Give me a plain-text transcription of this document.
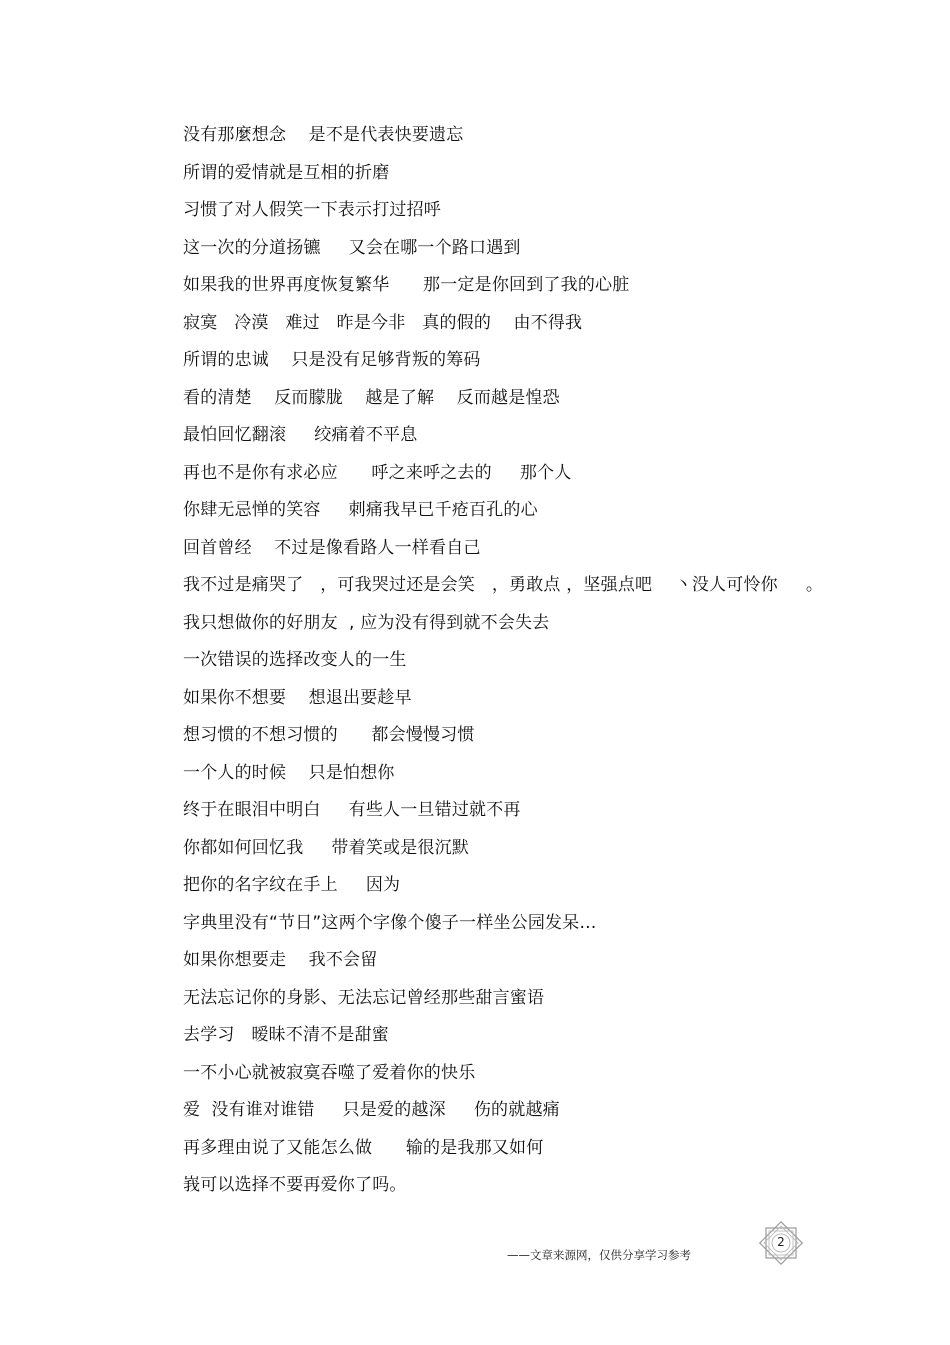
没有那麼想念    是不是代表快要遗忘
所谓的爱情就是互相的折磨
习惯了对人假笑一下表示打过招呼
这一次的分道扬镳     又会在哪一个路口遇到
如果我的世界再度恢复繁华      那一定是你回到了我的心脏
寂寞   冷漠   难过   昨是今非   真的假的    由不得我
所谓的忠诚    只是没有足够背叛的筹码
看的清楚    反而朦胧    越是了解    反而越是惶恐
最怕回忆翻滚     绞痛着不平息
再也不是你有求必应      呼之来呼之去的     那个人
你肆无忌惮的笑容     刺痛我早已千疮百孔的心
回首曾经    不过是像看路人一样看自己
我不过是痛哭了   ，可我哭过还是会笑   ，勇敢点 ，坚强点吧    丶没人可怜你     。
我只想做你的好朋友  , 应为没有得到就不会失去
一次错误的选择改变人的一生
如果你不想要    想退出要趁早
想习惯的不想习惯的      都会慢慢习惯
一个人的时候    只是怕想你
终于在眼泪中明白     有些人一旦错过就不再
你都如何回忆我     带着笑或是很沉默
把你的名字纹在手上     因为
字典里没有“节日”这两个字像个傻子一样坐公园发呆…
如果你想要走    我不会留
无法忘记你的身影、无法忘记曾经那些甜言蜜语
去学习   暧昧不清不是甜蜜
一不小心就被寂寞吞噬了爱着你的快乐
爱  没有谁对谁错     只是爱的越深     伤的就越痛
再多理由说了又能怎么做      输的是我那又如何
峩可以选择不要再爱你了吗。
——文章来源网，仅供分享学习参考
2
